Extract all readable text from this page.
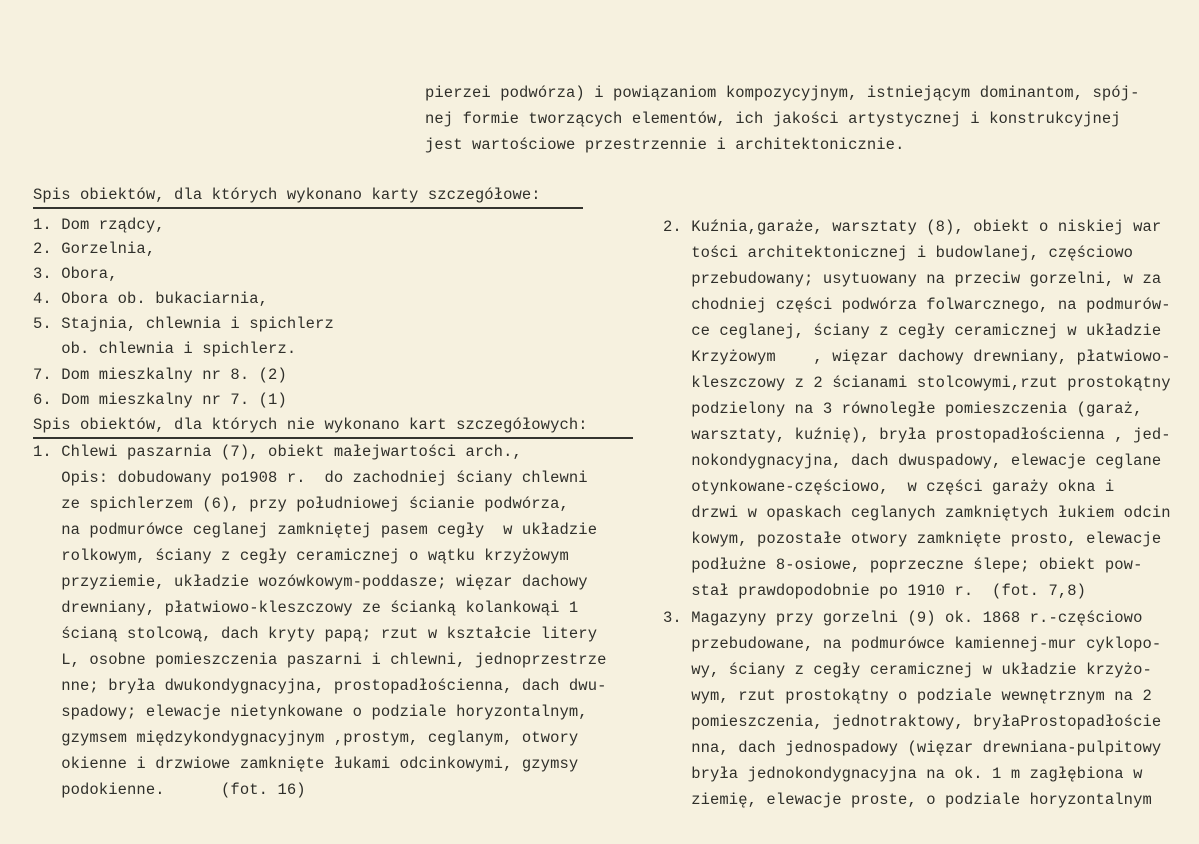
pierzei podwórza) i powiązaniom kompozycyjnym, istniejącym dominantom, spój-
nej formie tworzących elementów, ich jakości artystycznej i konstrukcyjnej
jest wartościowe przestrzennie i architektonicznie.
Spis obiektów, dla których wykonano karty szczegółowe:
1. Dom rządcy,
2. Gorzelnia,
3. Obora,
4. Obora ob. bukaciarnia,
5. Stajnia, chlewnia i spichlerz
ob. chlewnia i spichlerz.
7. Dom mieszkalny nr 8. (2)
6. Dom mieszkalny nr 7. (1)
Spis obiektów, dla których nie wykonano kart szczegółowych:
1. Chlewi paszarnia (7), obiekt małejwartości arch.,
Opis: dobudowany po1908 r.  do zachodniej ściany chlewni
ze spichlerzem (6), przy południowej ścianie podwórza,
na podmurówce ceglanej zamkniętej pasem cegły  w układzie
rolkowym, ściany z cegły ceramicznej o wątku krzyżowym
przyziemie, układzie wozówkowym-poddasze; więzar dachowy
drewniany, płatwiowo-kleszczowy ze ścianką kolankowąi 1
ścianą stolcową, dach kryty papą; rzut w kształcie litery
L, osobne pomieszczenia paszarni i chlewni, jednoprzestrze
nne; bryła dwukondygnacyjna, prostopadłościenna, dach dwu-
spadowy; elewacje nietynkowane o podziale horyzontalnym,
gzymsem międzykondygnacyjnym ,prostym, ceglanym, otwory
okienne i drzwiowe zamknięte łukami odcinkowymi, gzymsy
podokienne.      (fot. 16)
2. Kuźnia,garaże, warsztaty (8), obiekt o niskiej war
tości architektonicznej i budowlanej, częściowo
przebudowany; usytuowany na przeciw gorzelni, w za
chodniej części podwórza folwarcznego, na podmurów-
ce ceglanej, ściany z cegły ceramicznej w układzie
Krzyżowym    , więzar dachowy drewniany, płatwiowo-
kleszczowy z 2 ścianami stolcowymi,rzut prostokątny
podzielony na 3 równoległe pomieszczenia (garaż,
warsztaty, kuźnię), bryła prostopadłościenna , jed-
nokondygnacyjna, dach dwuspadowy, elewacje ceglane
otynkowane-częściowo,  w części garaży okna i
drzwi w opaskach ceglanych zamkniętych łukiem odcin
kowym, pozostałe otwory zamknięte prosto, elewacje
podłużne 8-osiowe, poprzeczne ślepe; obiekt pow-
stał prawdopodobnie po 1910 r.  (fot. 7,8)
3. Magazyny przy gorzelni (9) ok. 1868 r.-częściowo
przebudowane, na podmurówce kamiennej-mur cyklopo-
wy, ściany z cegły ceramicznej w układzie krzyżo-
wym, rzut prostokątny o podziale wewnętrznym na 2
pomieszczenia, jednotraktowy, bryłaProstopadłoście
nna, dach jednospadowy (więzar drewniana-pulpitowy
bryła jednokondygnacyjna na ok. 1 m zagłębiona w
ziemię, elewacje proste, o podziale horyzontalnym
